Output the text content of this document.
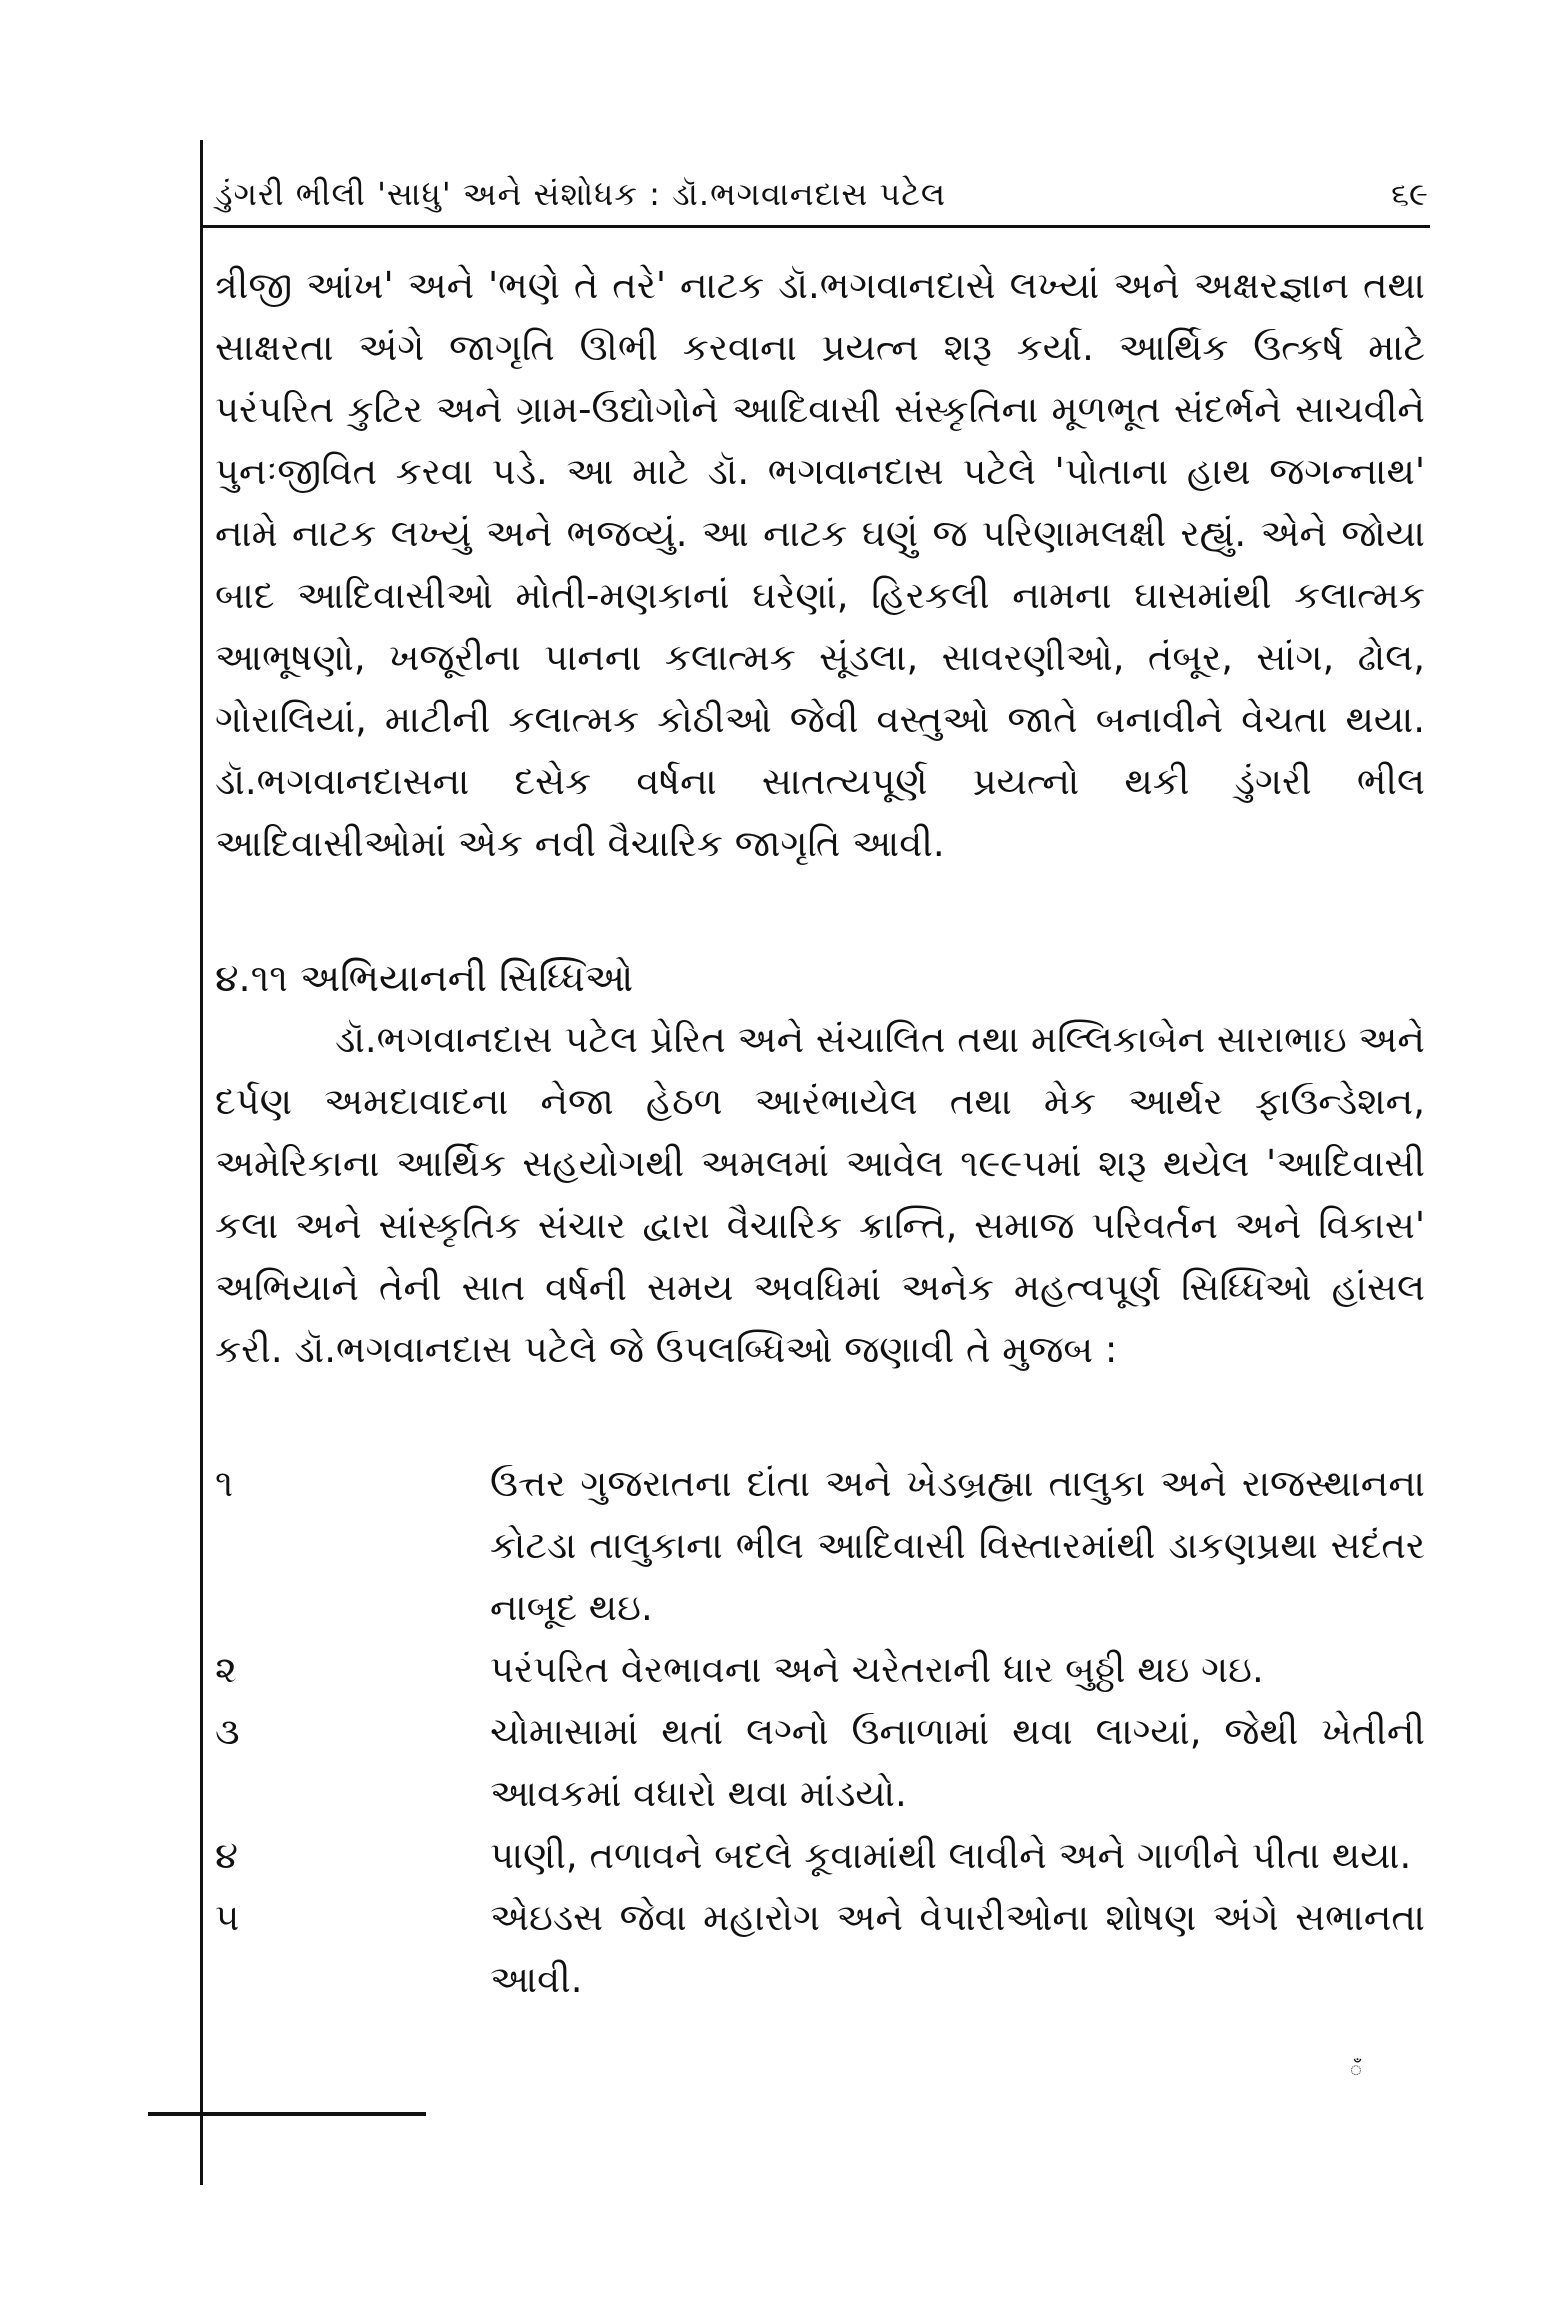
ડુંગરી ભીલી 'સાધુ' અને સંશોધક : ડૉ.ભગવાનદાસ પટેલ	૬૯

ત્રીજી આંખ' અને 'ભણે તે તરે' નાટક ડૉ.ભગવાનદાસે લખ્યાં અને અક્ષરજ્ઞાન તથા સાક્ષરતા અંગે જાગૃતિ ઊભી કરવાના પ્રયત્ન શરૂ કર્યા. આર્થિક ઉત્કર્ષ માટે પરંપરિત કુટિર અને ગ્રામ-ઉદ્યોગોને આદિવાસી સંસ્કૃતિના મૂળભૂત સંદર્ભને સાચવીને પુનઃજીવિત કરવા પડે. આ માટે ડૉ. ભગવાનદાસ પટેલે 'પોતાના હાથ જગન્નાથ' નામે નાટક લખ્યું અને ભજવ્યું. આ નાટક ઘણું જ પરિણામલક્ષી રહ્યું. એને જોયા બાદ આદિવાસીઓ મોતી-મણકાનાં ઘરેણાં, હિરકલી નામના ઘાસમાંથી કલાત્મક આભૂષણો, ખજૂરીના પાનના કલાત્મક સૂંડલા, સાવરણીઓ, તંબૂર, સાંગ, ઢોલ, ગોરાલિયાં, માટીની કલાત્મક કોઠીઓ જેવી વસ્તુઓ જાતે બનાવીને વેચતા થયા. ડૉ.ભગવાનદાસના દસેક વર્ષના સાતત્યપૂર્ણ પ્રયત્નો થકી ડુંગરી ભીલ આદિવાસીઓમાં એક નવી વૈચારિક જાગૃતિ આવી.

૪.૧૧ અભિયાનની સિધ્ધિઓ

ડૉ.ભગવાનદાસ પટેલ પ્રેરિત અને સંચાલિત તથા મલ્લિકાબેન સારાભાઇ અને દર્પણ અમદાવાદના નેજા હેઠળ આરંભાયેલ તથા મેક આર્થર ફાઉન્ડેશન, અમેરિકાના આર્થિક સહયોગથી અમલમાં આવેલ ૧૯૯૫માં શરૂ થયેલ 'આદિવાસી કલા અને સાંસ્કૃતિક સંચાર દ્વારા વૈચારિક ક્રાન્તિ, સમાજ પરિવર્તન અને વિકાસ' અભિયાને તેની સાત વર્ષની સમય અવધિમાં અનેક મહત્વપૂર્ણ સિધ્ધિઓ હાંસલ કરી. ડૉ.ભગવાનદાસ પટેલે જે ઉપલબ્ધિઓ જણાવી તે મુજબ :

૧	ઉત્તર ગુજરાતના દાંતા અને ખેડબ્રહ્મા તાલુકા અને રાજસ્થાનના કોટડા તાલુકાના ભીલ આદિવાસી વિસ્તારમાંથી ડાકણપ્રથા સદંતર નાબૂદ થઇ.
૨	પરંપરિત વેરભાવના અને ચરેતરાની ધાર બુઠ્ઠી થઇ ગઇ.
૩	ચોમાસામાં થતાં લગ્નો ઉનાળામાં થવા લાગ્યાં, જેથી ખેતીની આવકમાં વધારો થવા માંડયો.
૪	પાણી, તળાવને બદલે કૂવામાંથી લાવીને અને ગાળીને પીતા થયા.
૫	એઇડસ જેવા મહારોગ અને વેપારીઓના શોષણ અંગે સભાનતા આવી.
ँ
